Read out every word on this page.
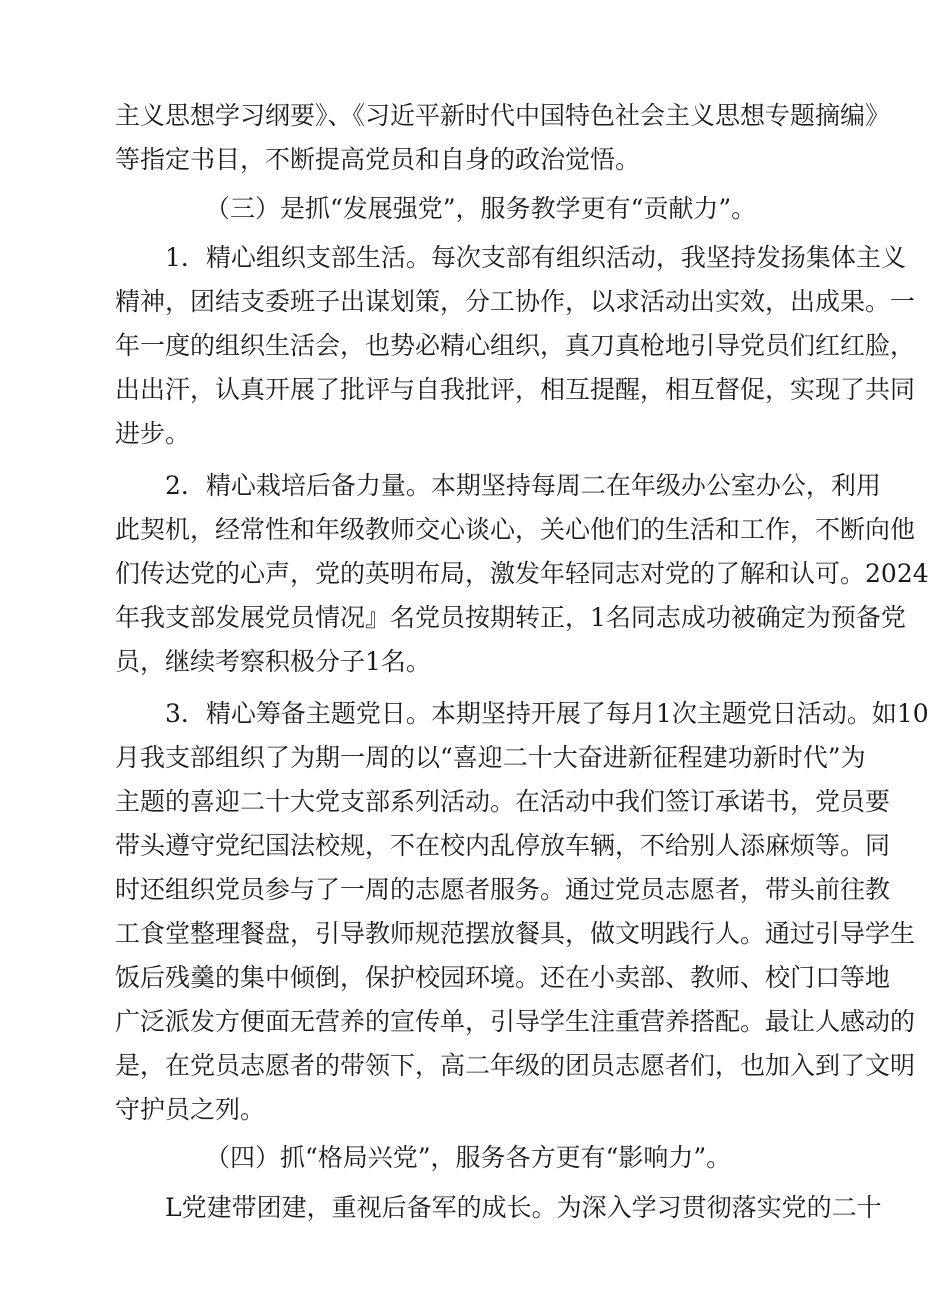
主义思想学习纲要》、《习近平新时代中国特色社会主义思想专题摘编》
等指定书目，不断提高党员和自身的政治觉悟。
（三）是抓“发展强党”，服务教学更有“贡献力”。
1．精心组织支部生活。每次支部有组织活动，我坚持发扬集体主义
精神，团结支委班子出谋划策，分工协作，以求活动出实效，出成果。一
年一度的组织生活会，也势必精心组织，真刀真枪地引导党员们红红脸，
出出汗，认真开展了批评与自我批评，相互提醒，相互督促，实现了共同
进步。
2．精心栽培后备力量。本期坚持每周二在年级办公室办公，利用
此契机，经常性和年级教师交心谈心，关心他们的生活和工作，不断向他
们传达党的心声，党的英明布局，激发年轻同志对党的了解和认可。2024
年我支部发展党员情况』名党员按期转正，1名同志成功被确定为预备党
员，继续考察积极分子1名。
3．精心筹备主题党日。本期坚持开展了每月1次主题党日活动。如10
月我支部组织了为期一周的以“喜迎二十大奋进新征程建功新时代”为
主题的喜迎二十大党支部系列活动。在活动中我们签订承诺书，党员要
带头遵守党纪国法校规，不在校内乱停放车辆，不给别人添麻烦等。同
时还组织党员参与了一周的志愿者服务。通过党员志愿者，带头前往教
工食堂整理餐盘，引导教师规范摆放餐具，做文明践行人。通过引导学生
饭后残羹的集中倾倒，保护校园环境。还在小卖部、教师、校门口等地
广泛派发方便面无营养的宣传单，引导学生注重营养搭配。最让人感动的
是，在党员志愿者的带领下，高二年级的团员志愿者们，也加入到了文明
守护员之列。
（四）抓“格局兴党”，服务各方更有“影响力”。
L党建带团建，重视后备军的成长。为深入学习贯彻落实党的二十
